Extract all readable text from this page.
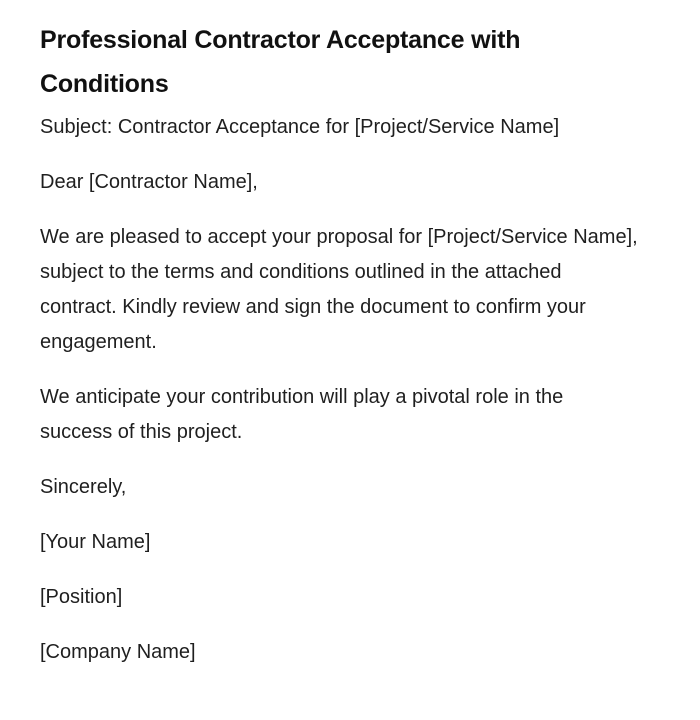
Professional Contractor Acceptance with Conditions

Subject: Contractor Acceptance for [Project/Service Name]

Dear [Contractor Name],

We are pleased to accept your proposal for [Project/Service Name], subject to the terms and conditions outlined in the attached contract. Kindly review and sign the document to confirm your engagement.

We anticipate your contribution will play a pivotal role in the success of this project.

Sincerely,

[Your Name]

[Position]

[Company Name]
